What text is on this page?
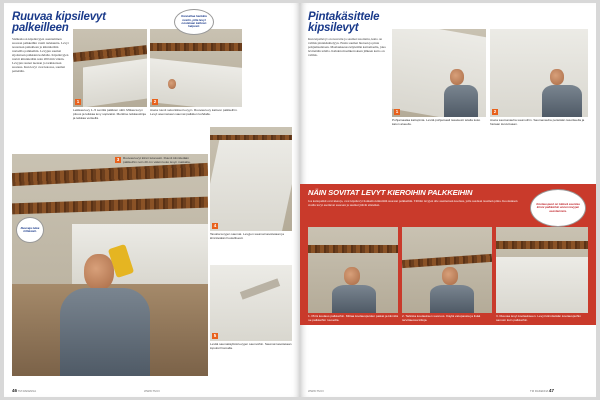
Ruuvaa kipsilevyt
palkeilleen
Sisäkattoon kipsilevyjen asentaminen suoraan palkkeihin vaatii tarkkuutta. Levyt nostetaan paikalleen ja kiinnitetään ruuveilla palkkeihin. Levyjen saumat sijoitetaan palkkien kohdalle. Kipsilevyjen ruuvit kiinnitetään noin 200 mm välein. Levyjen reunat tuetaan ja tarkistetaan suoruus. Kun levyt ovat katossa, saumat peitetään.
1	2
Kannattaa hankkia nostin, jolla levyt nostetaan kattoon helposti.
Leikkaa levy 1–5 senttiä palkkien välit. Mittaa levyn pituus ja leikkaa levy sopivaksi. Merkitse leikkauslinja ja leikkaa veitsellä.
Aseta ruuvit sekuntikset levyyn. Ruuvaa levy kattoon palkkeihin. Levyt asennetaan saumat palkkien kohdalle.
Ruuveja tulee riittävästi.
3	Ruuvaa levyt kiinni tukevasti. Ruuvit kiinnitetään palkkeihin noin 20 cm välein koko levyn matkalta.
4
Tasoita levyjen saumat. Levyjen saumat tasoitetaan ja kiinnitetään huolellisesti.
5
Levitä saumatäyttöä levyjen saumoihin. Saumat tasoitetaan lopuksi hiomalla.
46 TM RAKENNA	WWW.TM.FI
Pintakäsittele
kipsilevyt
Kun kipsilevyt on ruuvattu ja saumat tasoitettu, katto on valmis pintakäsittelyyn. Ensin saumat hiotaan ja pinta pohjamaalataan. Maalauksessa käytetään kattomaalia, joka levitetään telalla. Kahden maalikerroksen jälkeen katto on valmis.
1	2
Pohjamaalaa kattopinta. Levitä pohjamaali tasaisesti telalla koko katon alueelle.
Aseta saumanauha saumoihin. Saumanauha peitetään tasoitteella ja hiotaan kuivuttuaan.
NÄIN SOVITAT LEVYT KIEROIHIN PALKKEIHIN
Jos kattopalkit ovat kieroja, ovat kipsilevyt hankalia kiinnittää suoraan palkkeihin. Tällöin levyjen alle asennetaan koolaus, jolla saadaan tasainen pinta. Koolauksen avulla levyt asettuvat suoraan ja saumat jäävät siisteiksi.	Koolauspuut on kätevä asentaa kiinni palkkeihin ennen levyjen asentamista.
1. Pirrä koolaus palkkeihin. Mittaa koolauspuiden paikat ja kiinnitä ne palkkeihin ruuveilla.
2. Tarkista koolauksen suoruus. Käytä vatupassia ja lisää tarvittaessa kiiloja.
3. Ruuvaa levyt koolaukseen. Levyt kiinnitetään koolauspuihin samoin kuin palkkeihin.
WWW.TM.FI	TM RAKENNA 47
